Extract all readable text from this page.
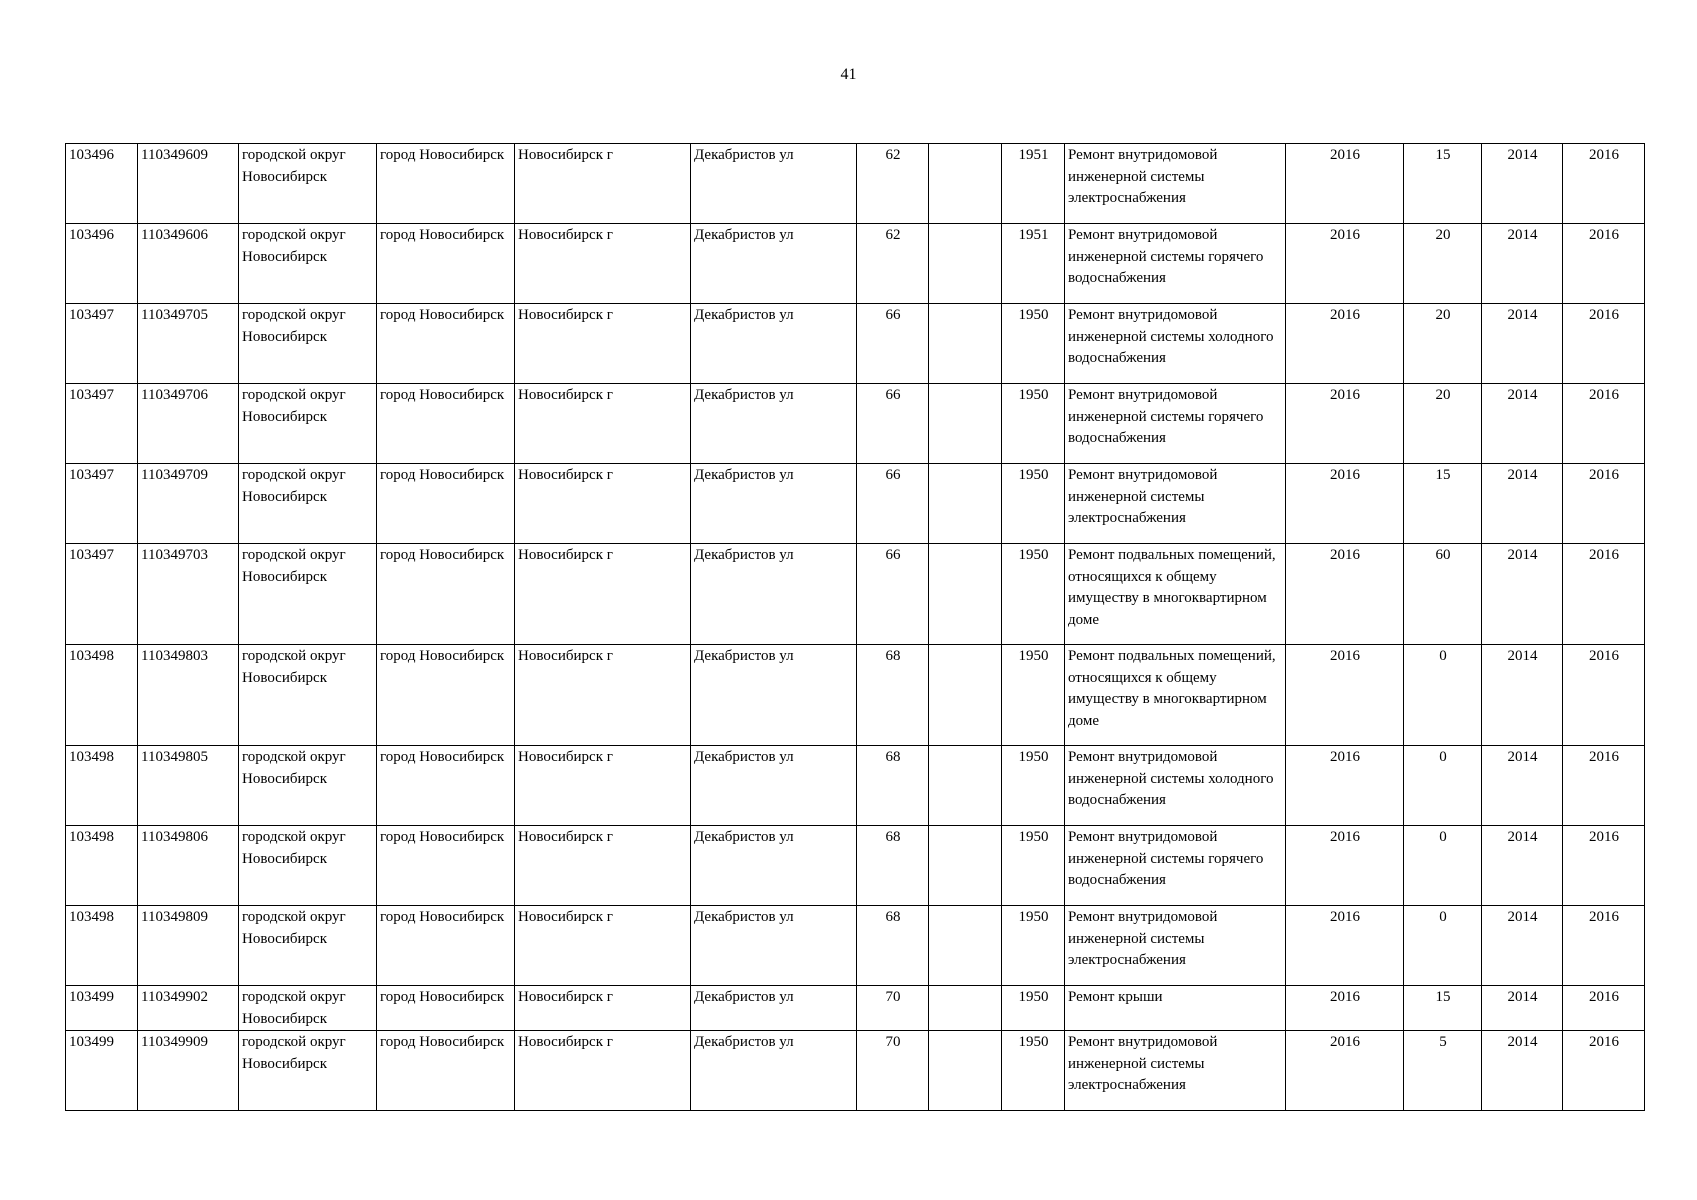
41
103496	110349609	городской округ Новосибирск	город Новосибирск	Новосибирск г	Декабристов ул	62		1951	Ремонт внутридомовой инженерной системы электроснабжения	2016	15	2014	2016
103496	110349606	городской округ Новосибирск	город Новосибирск	Новосибирск г	Декабристов ул	62		1951	Ремонт внутридомовой инженерной системы горячего водоснабжения	2016	20	2014	2016
103497	110349705	городской округ Новосибирск	город Новосибирск	Новосибирск г	Декабристов ул	66		1950	Ремонт внутридомовой инженерной системы холодного водоснабжения	2016	20	2014	2016
103497	110349706	городской округ Новосибирск	город Новосибирск	Новосибирск г	Декабристов ул	66		1950	Ремонт внутридомовой инженерной системы горячего водоснабжения	2016	20	2014	2016
103497	110349709	городской округ Новосибирск	город Новосибирск	Новосибирск г	Декабристов ул	66		1950	Ремонт внутридомовой инженерной системы электроснабжения	2016	15	2014	2016
103497	110349703	городской округ Новосибирск	город Новосибирск	Новосибирск г	Декабристов ул	66		1950	Ремонт подвальных помещений, относящихся к общему имуществу в многоквартирном доме	2016	60	2014	2016
103498	110349803	городской округ Новосибирск	город Новосибирск	Новосибирск г	Декабристов ул	68		1950	Ремонт подвальных помещений, относящихся к общему имуществу в многоквартирном доме	2016	0	2014	2016
103498	110349805	городской округ Новосибирск	город Новосибирск	Новосибирск г	Декабристов ул	68		1950	Ремонт внутридомовой инженерной системы холодного водоснабжения	2016	0	2014	2016
103498	110349806	городской округ Новосибирск	город Новосибирск	Новосибирск г	Декабристов ул	68		1950	Ремонт внутридомовой инженерной системы горячего водоснабжения	2016	0	2014	2016
103498	110349809	городской округ Новосибирск	город Новосибирск	Новосибирск г	Декабристов ул	68		1950	Ремонт внутридомовой инженерной системы электроснабжения	2016	0	2014	2016
103499	110349902	городской округ Новосибирск	город Новосибирск	Новосибирск г	Декабристов ул	70		1950	Ремонт крыши	2016	15	2014	2016
103499	110349909	городской округ Новосибирск	город Новосибирск	Новосибирск г	Декабристов ул	70		1950	Ремонт внутридомовой инженерной системы электроснабжения	2016	5	2014	2016
